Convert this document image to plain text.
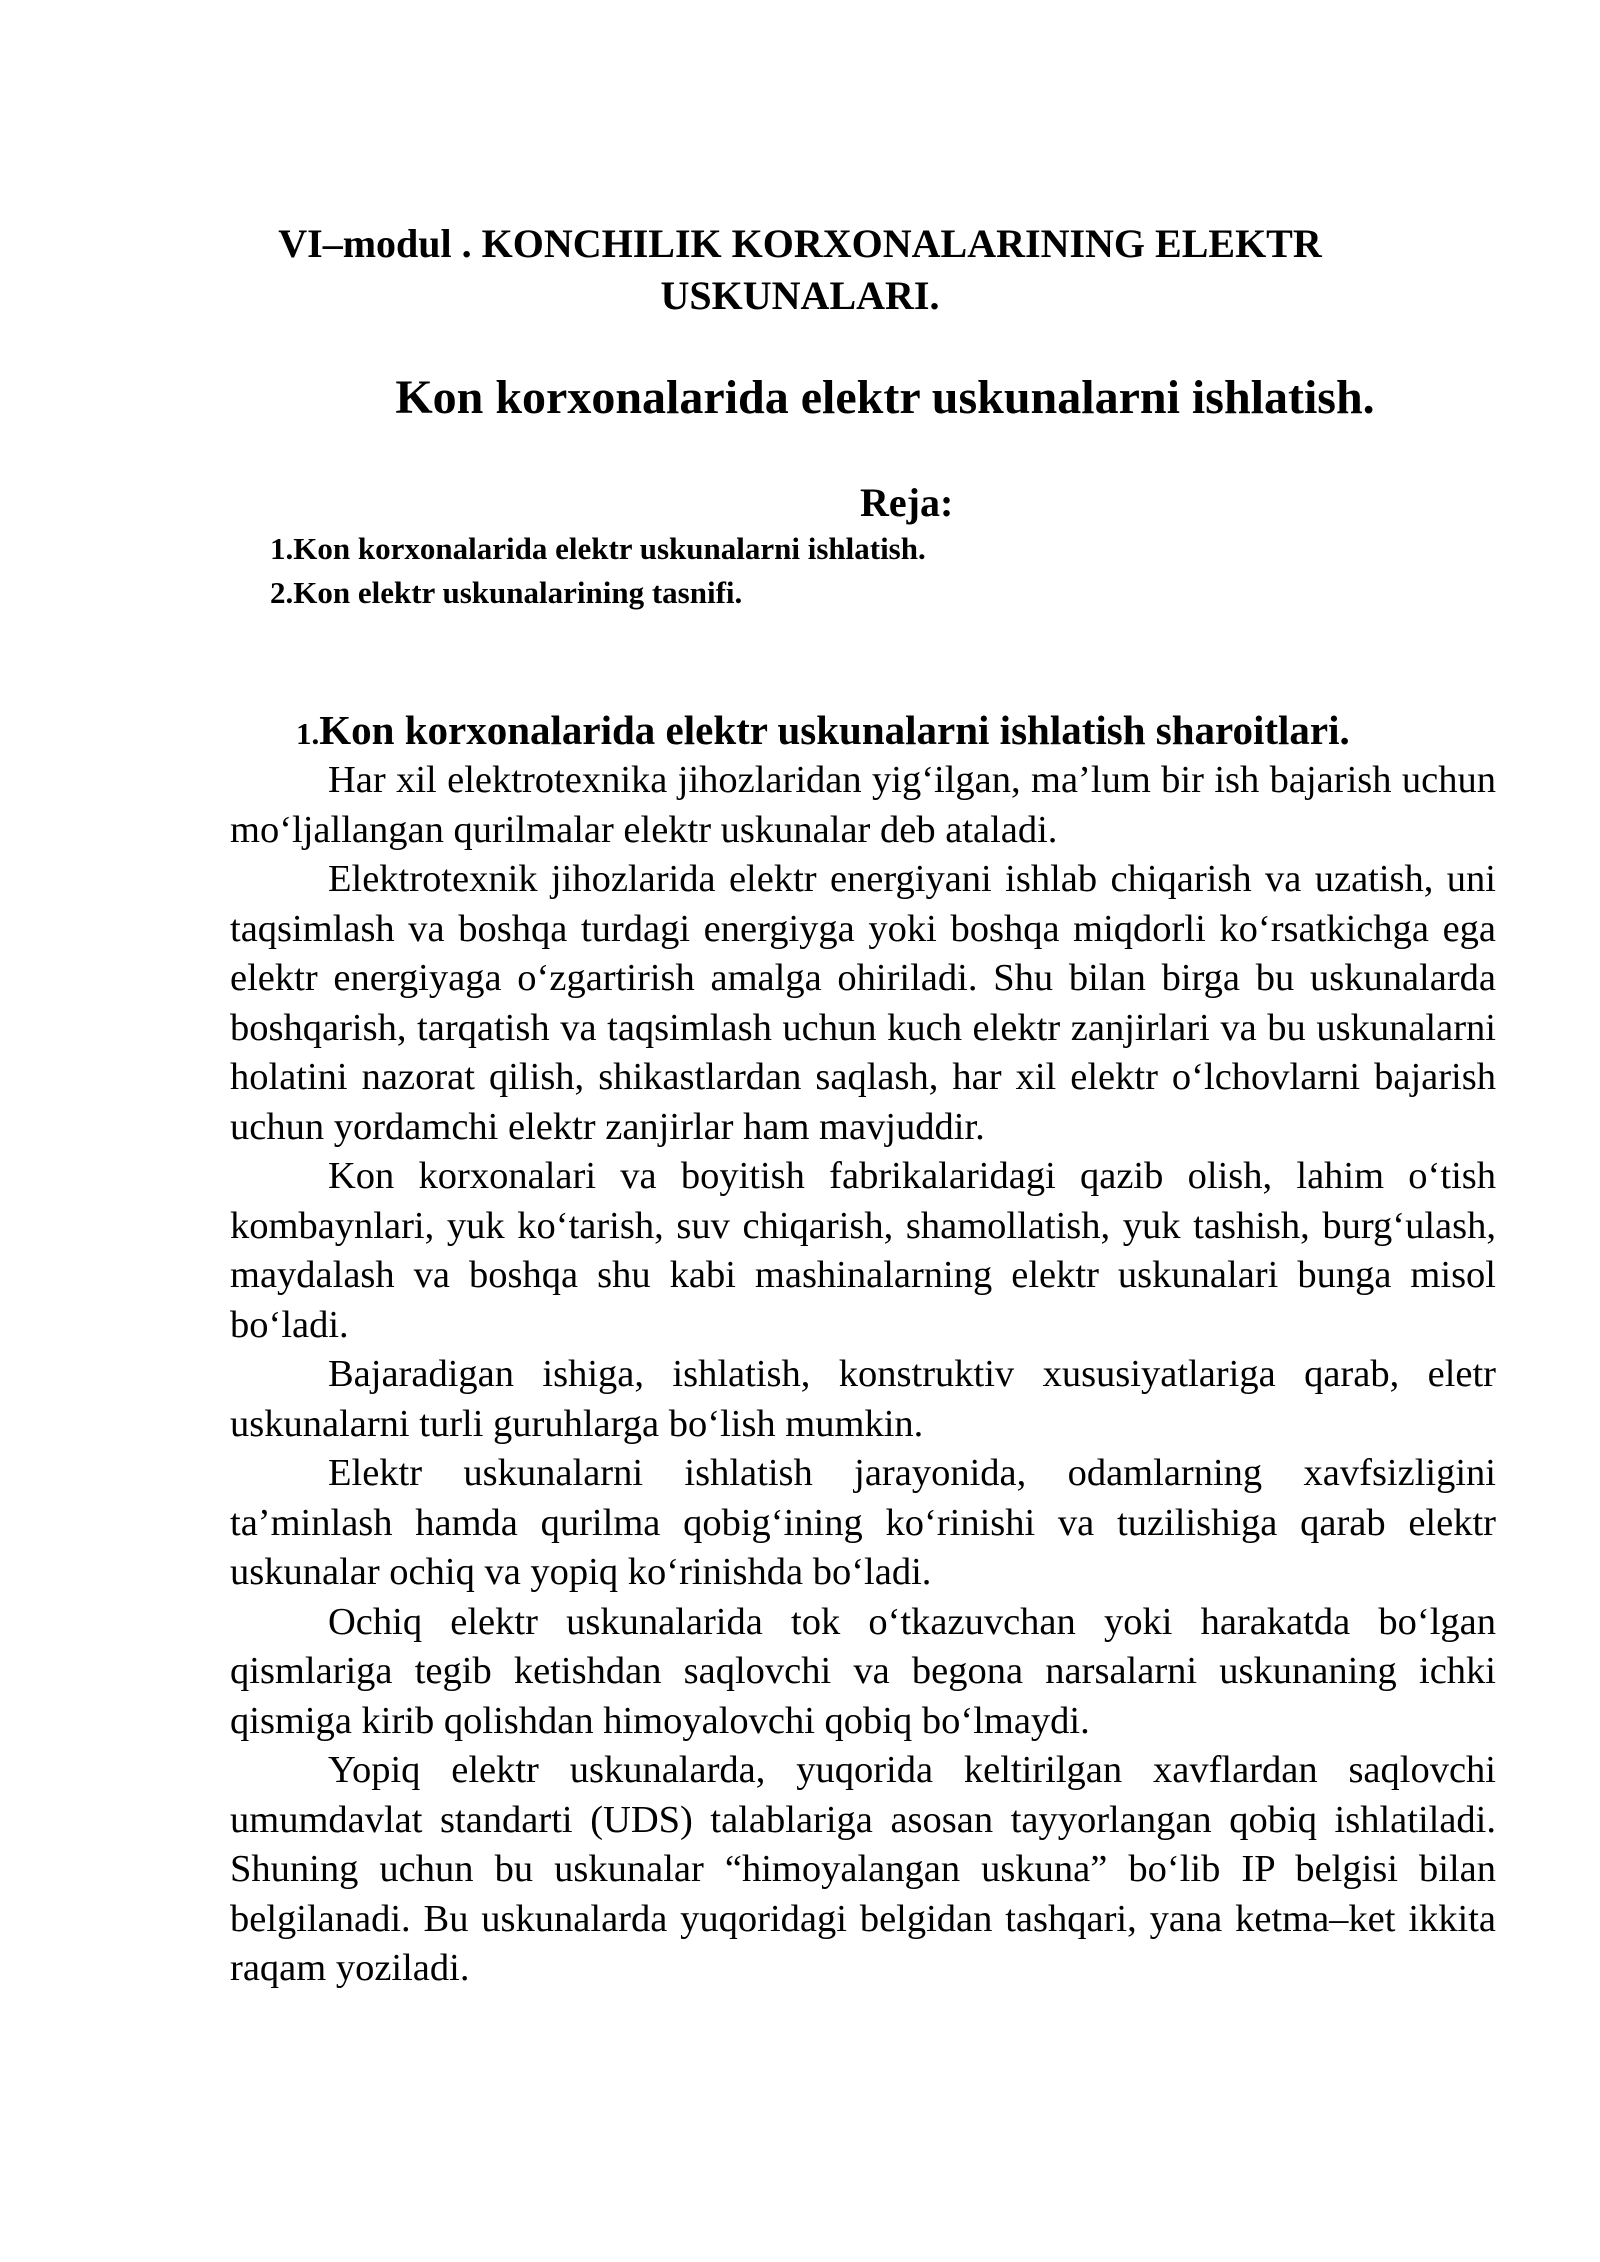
VI–modul . KONCHILIK KORXONALARINING ELEKTR
USKUNALARI.
Kon korxonalarida elektr uskunalarni ishlatish.
Reja:
1.Kon korxonalarida elektr uskunalarni ishlatish.
2.Kon elektr uskunalarining tasnifi.
1.Kon korxonalarida elektr uskunalarni ishlatish sharoitlari.

Har xil elektrotexnika jihozlaridan yig‘ilgan, ma’lum bir ish bajarish uchun mo‘ljallangan qurilmalar elektr uskunalar deb ataladi.

Elektrotexnik jihozlarida elektr energiyani ishlab chiqarish va uzatish, uni taqsimlash va boshqa turdagi energiyga yoki boshqa miqdorli ko‘rsatkichga ega elektr energiyaga o‘zgartirish amalga ohiriladi. Shu bilan birga bu uskunalarda boshqarish, tarqatish va taqsimlash uchun kuch elektr zanjirlari va bu uskunalarni holatini nazorat qilish, shikastlardan saqlash, har xil elektr o‘lchovlarni bajarish uchun yordamchi elektr zanjirlar ham mavjuddir.

Kon korxonalari va boyitish fabrikalaridagi qazib olish, lahim o‘tish kombaynlari, yuk ko‘tarish, suv chiqarish, shamollatish, yuk tashish, burg‘ulash, maydalash va boshqa shu kabi mashinalarning elektr uskunalari bunga misol bo‘ladi.

Bajaradigan ishiga, ishlatish, konstruktiv xususiyatlariga qarab, eletr uskunalarni turli guruhlarga bo‘lish mumkin.

Elektr uskunalarni ishlatish jarayonida, odamlarning xavfsizligini ta’minlash hamda qurilma qobig‘ining ko‘rinishi va tuzilishiga qarab elektr uskunalar ochiq va yopiq ko‘rinishda bo‘ladi.

Ochiq elektr uskunalarida tok o‘tkazuvchan yoki harakatda bo‘lgan qismlariga tegib ketishdan saqlovchi va begona narsalarni uskunaning ichki qismiga kirib qolishdan himoyalovchi qobiq bo‘lmaydi.

Yopiq elektr uskunalarda, yuqorida keltirilgan xavflardan saqlovchi umumdavlat standarti (UDS) talablariga asosan tayyorlangan qobiq ishlatiladi. Shuning uchun bu uskunalar “himoyalangan uskuna” bo‘lib IP belgisi bilan belgilanadi. Bu uskunalarda yuqoridagi belgidan tashqari, yana ketma–ket ikkita raqam yoziladi.
